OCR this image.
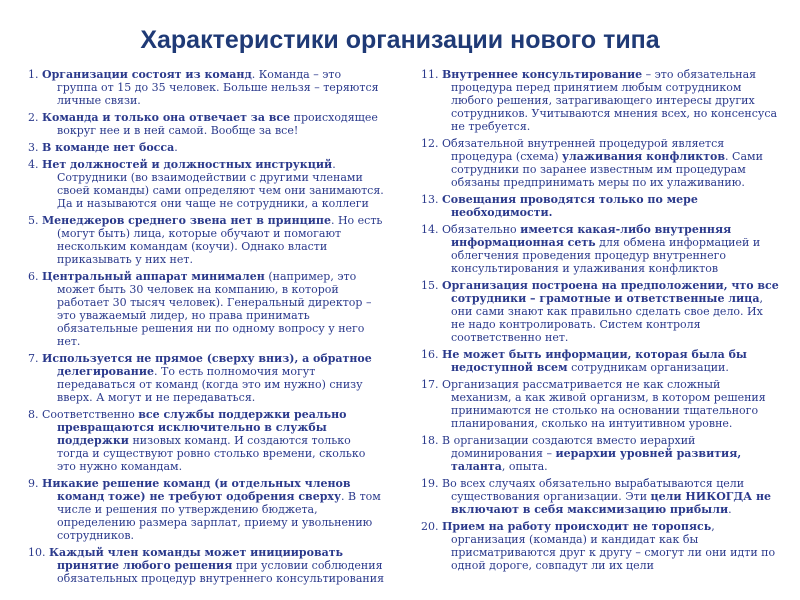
Характеристики организации нового типа

1. Организации состоят из команд. Команда – это группа от 15 до 35 человек. Больше нельзя – теряются личные связи.

2. Команда и только она отвечает за все происходящее вокруг нее и в ней самой. Вообще за все!

3. В команде нет босса.

4. Нет должностей и должностных инструкций. Сотрудники (во взаимодействии с другими членами своей команды) сами определяют чем они занимаются. Да и называются они чаще не сотрудники, а коллеги

5. Менеджеров среднего звена нет в принципе. Но есть (могут быть) лица, которые обучают и помогают нескольким командам (коучи). Однако власти приказывать у них нет.

6. Центральный аппарат минимален (например, это может быть 30 человек на компанию, в которой работает 30 тысяч человек). Генеральный директор – это уважаемый лидер, но права принимать обязательные решения ни по одному вопросу у него нет.

7. Используется не прямое (сверху вниз), а обратное делегирование. То есть полномочия могут передаваться от команд (когда это им нужно) снизу вверх. А могут и не передаваться.

8. Соответственно все службы поддержки реально превращаются исключительно в службы поддержки низовых команд. И создаются только тогда и существуют ровно столько времени, сколько это нужно командам.

9. Никакие решение команд (и отдельных членов команд тоже) не требуют одобрения сверху. В том числе и решения по утверждению бюджета, определению размера зарплат, приему и увольнению сотрудников.

10. Каждый член команды может инициировать принятие любого решения при условии соблюдения обязательных процедур внутреннего консультирования

11. Внутреннее консультирование – это обязательная процедура перед принятием любым сотрудником любого решения, затрагивающего интересы других сотрудников. Учитываются мнения всех, но консенсуса не требуется.

12. Обязательной внутренней процедурой является процедура (схема) улаживания конфликтов. Сами сотрудники по заранее известным им процедурам обязаны предпринимать меры по их улаживанию.

13. Совещания проводятся только по мере необходимости.

14. Обязательно имеется какая-либо внутренняя информационная сеть для обмена информацией и облегчения проведения процедур внутреннего консультирования и улаживания конфликтов

15. Организация построена на предположении, что все сотрудники – грамотные и ответственные лица, они сами знают как правильно сделать свое дело. Их не надо контролировать. Систем контроля соответственно нет.

16. Не может быть информации, которая была бы недоступной всем сотрудникам организации.

17. Организация рассматривается не как сложный механизм, а как живой организм, в котором решения принимаются не столько на основании тщательного планирования, сколько на интуитивном уровне.

18. В организации создаются вместо иерархий доминирования – иерархии уровней развития, таланта, опыта.

19. Во всех случаях обязательно вырабатываются цели существования организации. Эти цели НИКОГДА не включают в себя максимизацию прибыли.

20. Прием на работу происходит не торопясь, организация (команда) и кандидат как бы присматриваются друг к другу – смогут ли они идти по одной дороге, совпадут ли их цели
